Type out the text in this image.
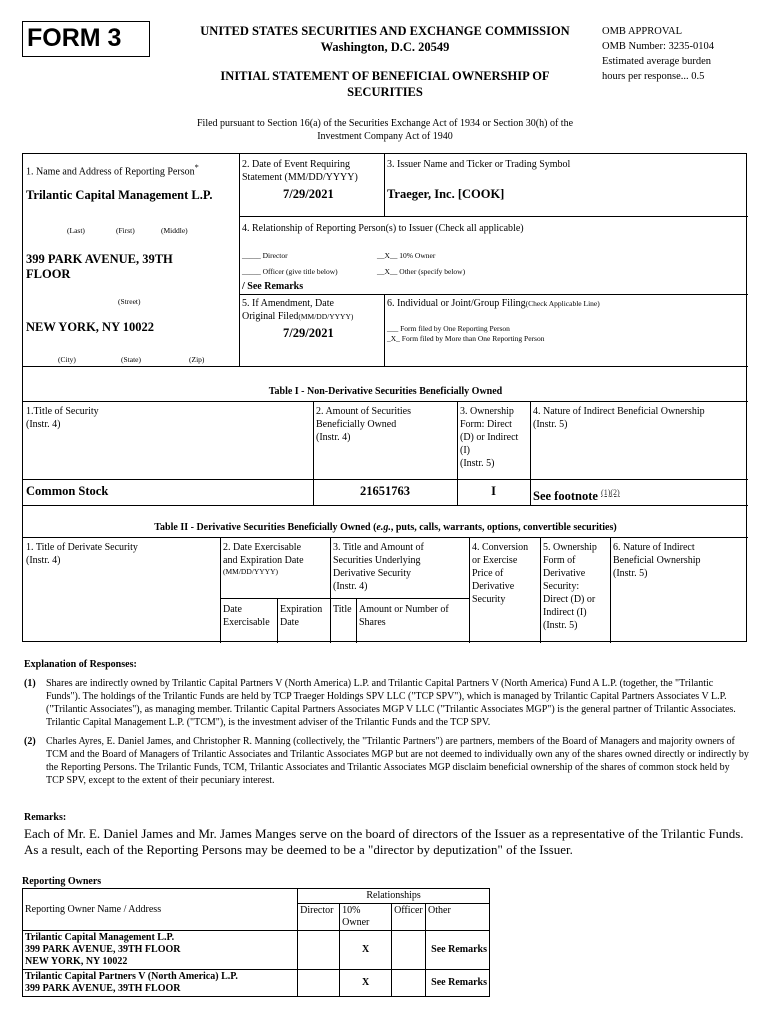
FORM 3	UNITED STATES SECURITIES AND EXCHANGE COMMISSION
Washington, D.C. 20549
INITIAL STATEMENT OF BENEFICIAL OWNERSHIP OF
SECURITIES
OMB APPROVAL
OMB Number: 3235-0104
Estimated average burden
hours per response... 0.5
Filed pursuant to Section 16(a) of the Securities Exchange Act of 1934 or Section 30(h) of the
Investment Company Act of 1940
1. Name and Address of Reporting Person*
Trilantic Capital Management L.P.
(Last)	(First)	(Middle)
399 PARK AVENUE, 39TH
FLOOR
(Street)
NEW YORK, NY 10022
(City)	(State)	(Zip)
2. Date of Event Requiring
Statement (MM/DD/YYYY)
7/29/2021
3. Issuer Name and Ticker or Trading Symbol
Traeger, Inc. [COOK]
4. Relationship of Reporting Person(s) to Issuer (Check all applicable)
_____ Director	__X__ 10% Owner
_____ Officer (give title below)	__X__ Other (specify below)
/ See Remarks
5. If Amendment, Date
Original Filed(MM/DD/YYYY)
7/29/2021
6. Individual or Joint/Group Filing(Check Applicable Line)
___ Form filed by One Reporting Person
_X_ Form filed by More than One Reporting Person
Table I - Non-Derivative Securities Beneficially Owned
1.Title of Security
(Instr. 4)
2. Amount of Securities
Beneficially Owned
(Instr. 4)
3. Ownership
Form: Direct
(D) or Indirect
(I)
(Instr. 5)
4. Nature of Indirect Beneficial Ownership
(Instr. 5)
Common Stock	21651763	I	See footnote $^{(1)(2)}$
Table II - Derivative Securities Beneficially Owned (e.g., puts, calls, warrants, options, convertible securities)
1. Title of Derivate Security
(Instr. 4)
2. Date Exercisable
and Expiration Date
(MM/DD/YYYY)
3. Title and Amount of
Securities Underlying
Derivative Security
(Instr. 4)
4. Conversion
or Exercise
Price of
Derivative
Security
5. Ownership
Form of
Derivative
Security:
Direct (D) or
Indirect (I)
(Instr. 5)
6. Nature of Indirect
Beneficial Ownership
(Instr. 5)
Date
Exercisable
Expiration
Date
Title Amount or Number of
Shares
Explanation of Responses:
(1)	Shares are indirectly owned by Trilantic Capital Partners V (North America) L.P. and Trilantic Capital Partners V (North America) Fund A L.P. (together, the "Trilantic Funds"). The holdings of the Trilantic Funds are held by TCP Traeger Holdings SPV LLC ("TCP SPV"), which is managed by Trilantic Capital Partners Associates V L.P. ("Trilantic Associates"), as managing member. Trilantic Capital Partners Associates MGP V LLC ("Trilantic Associates MGP") is the general partner of Trilantic Associates. Trilantic Capital Management L.P. ("TCM"), is the investment adviser of the Trilantic Funds and the TCP SPV.
(2)	Charles Ayres, E. Daniel James, and Christopher R. Manning (collectively, the "Trilantic Partners") are partners, members of the Board of Managers and majority owners of TCM and the Board of Managers of Trilantic Associates and Trilantic Associates MGP but are not deemed to individually own any of the shares owned directly or indirectly by the Reporting Persons. The Trilantic Funds, TCM, Trilantic Associates and Trilantic Associates MGP disclaim beneficial ownership of the shares of common stock held by TCP SPV, except to the extent of their pecuniary interest.
Remarks:
Each of Mr. E. Daniel James and Mr. James Manges serve on the board of directors of the Issuer as a representative of the Trilantic Funds. As a result, each of the Reporting Persons may be deemed to be a "director by deputization" of the Issuer.
Reporting Owners
Reporting Owner Name / Address	Relationships			
	Director	10% Owner	Officer	Other

Trilantic Capital Management L.P.
399 PARK AVENUE, 39TH FLOOR
NEW YORK, NY 10022		X		See Remarks

Trilantic Capital Partners V (North America) L.P.
399 PARK AVENUE, 39TH FLOOR		X		See Remarks
